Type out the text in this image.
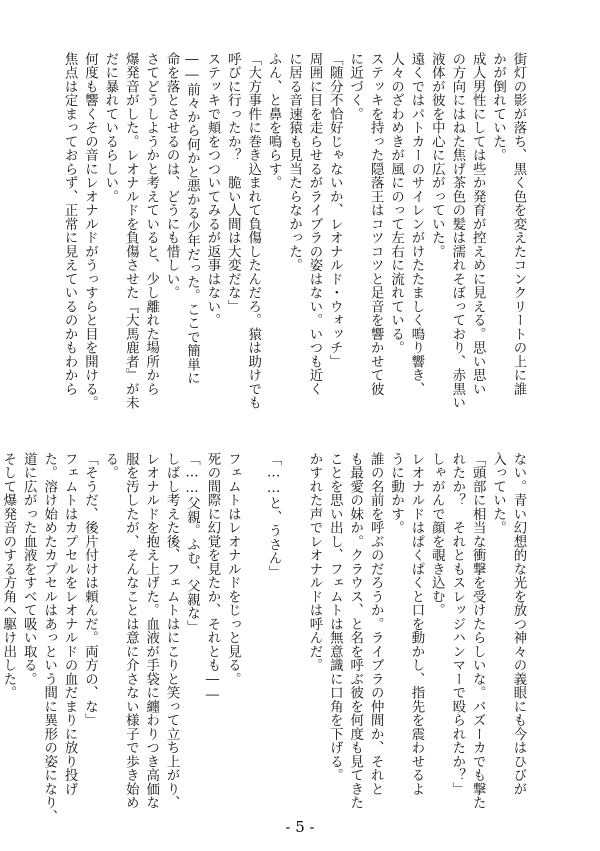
街灯の影が落ち、黒く色を変えたコンクリートの上に誰
かが倒れていた。
成人男性にしては些か発育が控えめに見える。思い思い
の方向にはねた焦げ茶色の髪は濡れそぼっており、赤黒い
液体が彼を中心に広がっていた。
遠くではパトカーのサイレンがけたたましく鳴り響き、
人々のざわめきが風にのって左右に流れている。
ステッキを持った隠落王はコツコツと足音を響かせて彼
に近づく。
「随分不恰好じゃないか、レオナルド・ウォッチ」
周囲に目を走らせるがライブラの姿はない。いつも近く
に居る音速猿も見当たらなかった。
ふん、と鼻を鳴らす。
「大方事件に巻き込まれて負傷したんだろ。猿は助けでも
呼びに行ったか？　脆い人間は大変だな」
ステッキで頬をつついてみるが返事はない。
――前々から何かと悪かる少年だった。ここで簡単に
命を落とさせるのは、どうにも惜しい。
さてどうしようかと考えていると、少し離れた場所から
爆発音がした。レオナルドを負傷させた『大馬鹿者』が未
だに暴れているらしい。
何度も響くその音にレオナルドがうっすらと目を開ける。
焦点は定まっておらず、正常に見えているのかもわから
ない。青い幻想的な光を放つ神々の義眼にも今はひびが
入っていた。
「頭部に相当な衝撃を受けたらしいな。バズーカでも撃た
れたか？　それともスレッジハンマーで殴られたか？」
しゃがんで顔を覗き込む。
レオナルドはぱくぱくと口を動かし、指先を震わせるよ
うに動かす。
誰の名前を呼ぶのだろうか。ライブラの仲間か、それと
も最愛の妹か。クラウス、と名を呼ぶ彼を何度も見てきた
ことを思い出し、フェムトは無意識に口角を下げる。
かすれた声でレオナルドは呼んだ。

「……と、うさん」

フェムトはレオナルドをじっと見る。
死の間際に幻覚を見たか、それとも――
「……父親。ふむ、父親な」
しばし考えた後、フェムトはにこりと笑って立ち上がり、
レオナルドを抱え上げた。血液が手袋に纏わりつき高価な
服を汚したが、そんなことは意に介さない様子で歩き始め
る。
「そうだ、後片付けは頼んだ。両方の、な」
フェムトはカプセルをレオナルドの血だまりに放り投げ
た。溶け始めたカプセルはあっという間に異形の姿になり、
道に広がった血液をすべて吸い取る。
そして爆発音のする方角へ駆け出した。
- 5 -
